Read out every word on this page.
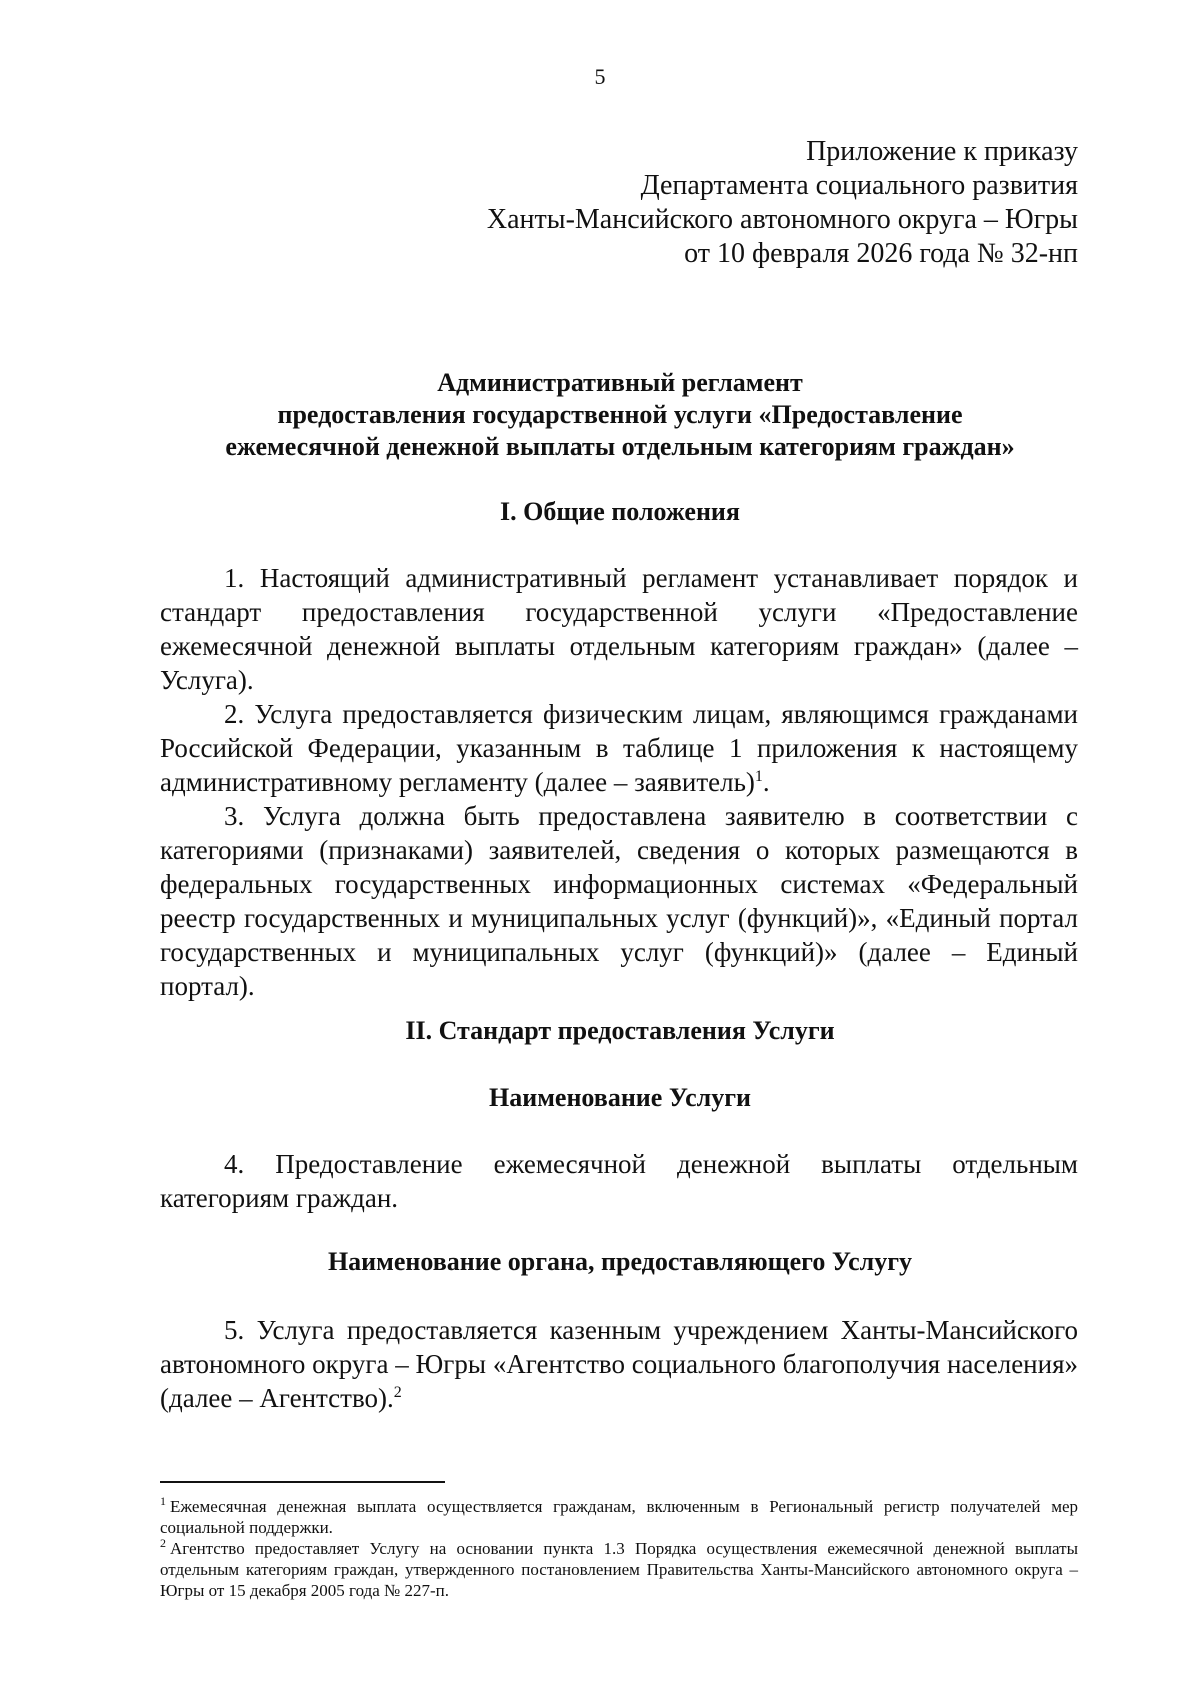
5
Приложение к приказу
Департамента социального развития
Ханты-Мансийского автономного округа – Югры
от 10 февраля 2026 года № 32-нп
Административный регламент
предоставления государственной услуги «Предоставление
ежемесячной денежной выплаты отдельным категориям граждан»
I. Общие положения

1. Настоящий административный регламент устанавливает порядок и стандарт предоставления государственной услуги «Предоставление ежемесячной денежной выплаты отдельным категориям граждан» (далее – Услуга).

2. Услуга предоставляется физическим лицам, являющимся гражданами Российской Федерации, указанным в таблице 1 приложения к настоящему административному регламенту (далее – заявитель)$^1$.

3. Услуга должна быть предоставлена заявителю в соответствии с категориями (признаками) заявителей, сведения о которых размещаются в федеральных государственных информационных системах «Федеральный реестр государственных и муниципальных услуг (функций)», «Единый портал государственных и муниципальных услуг (функций)» (далее – Единый портал).

II. Стандарт предоставления Услуги
Наименование Услуги

4. Предоставление ежемесячной денежной выплаты отдельным категориям граждан.

Наименование органа, предоставляющего Услугу

5. Услуга предоставляется казенным учреждением Ханты-Мансийского автономного округа – Югры «Агентство социального благополучия населения» (далее – Агентство).$^2$

$^1$ Ежемесячная денежная выплата осуществляется гражданам, включенным в Региональный регистр получателей мер социальной поддержки.

$^2$ Агентство предоставляет Услугу на основании пункта 1.3 Порядка осуществления ежемесячной денежной выплаты отдельным категориям граждан, утвержденного постановлением Правительства Ханты-Мансийского автономного округа – Югры от 15 декабря 2005 года № 227-п.
